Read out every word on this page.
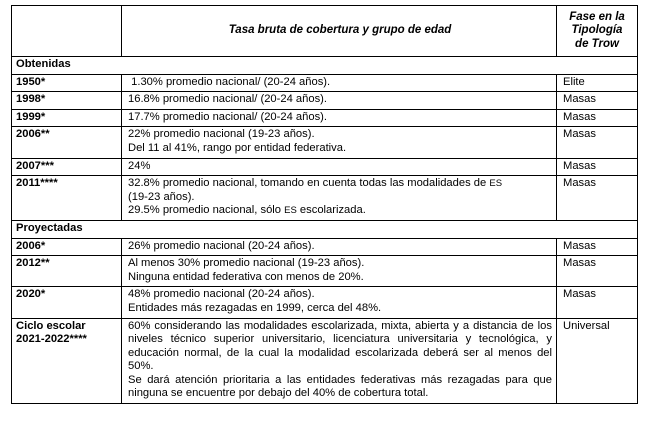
	Tasa bruta de cobertura y grupo de edad	Fase en la
Tipología
de Trow

Obtenidas		
1950*	1.30% promedio nacional/ (20-24 años).	Elite
1998*	16.8% promedio nacional/ (20-24 años).	Masas
1999*	17.7% promedio nacional/ (20-24 años).	Masas
2006**	22% promedio nacional (19-23 años).
Del 11 al 41%, rango por entidad federativa.	Masas
2007***	24%	Masas
2011****	32.8% promedio nacional, tomando en cuenta todas las modalidades de ES
(19-23 años).
29.5% promedio nacional, sólo ES escolarizada.	Masas
Proyectadas		
2006*	26% promedio nacional (20-24 años).	Masas
2012**	Al menos 30% promedio nacional (19-23 años).
Ninguna entidad federativa con menos de 20%.	Masas
2020*	48% promedio nacional (20-24 años).
Entidades más rezagadas en 1999, cerca del 48%.	Masas

Ciclo escolar
2021-2022****	60% considerando las modalidades escolarizada, mixta, abierta y a distancia de los niveles técnico superior universitario, licenciatura universitaria y tecnológica, y educación normal, de la cual la modalidad escolarizada deberá ser al menos del 50%.
Se dará atención prioritaria a las entidades federativas más rezagadas para que ninguna se encuentre por debajo del 40% de cobertura total.	Universal
